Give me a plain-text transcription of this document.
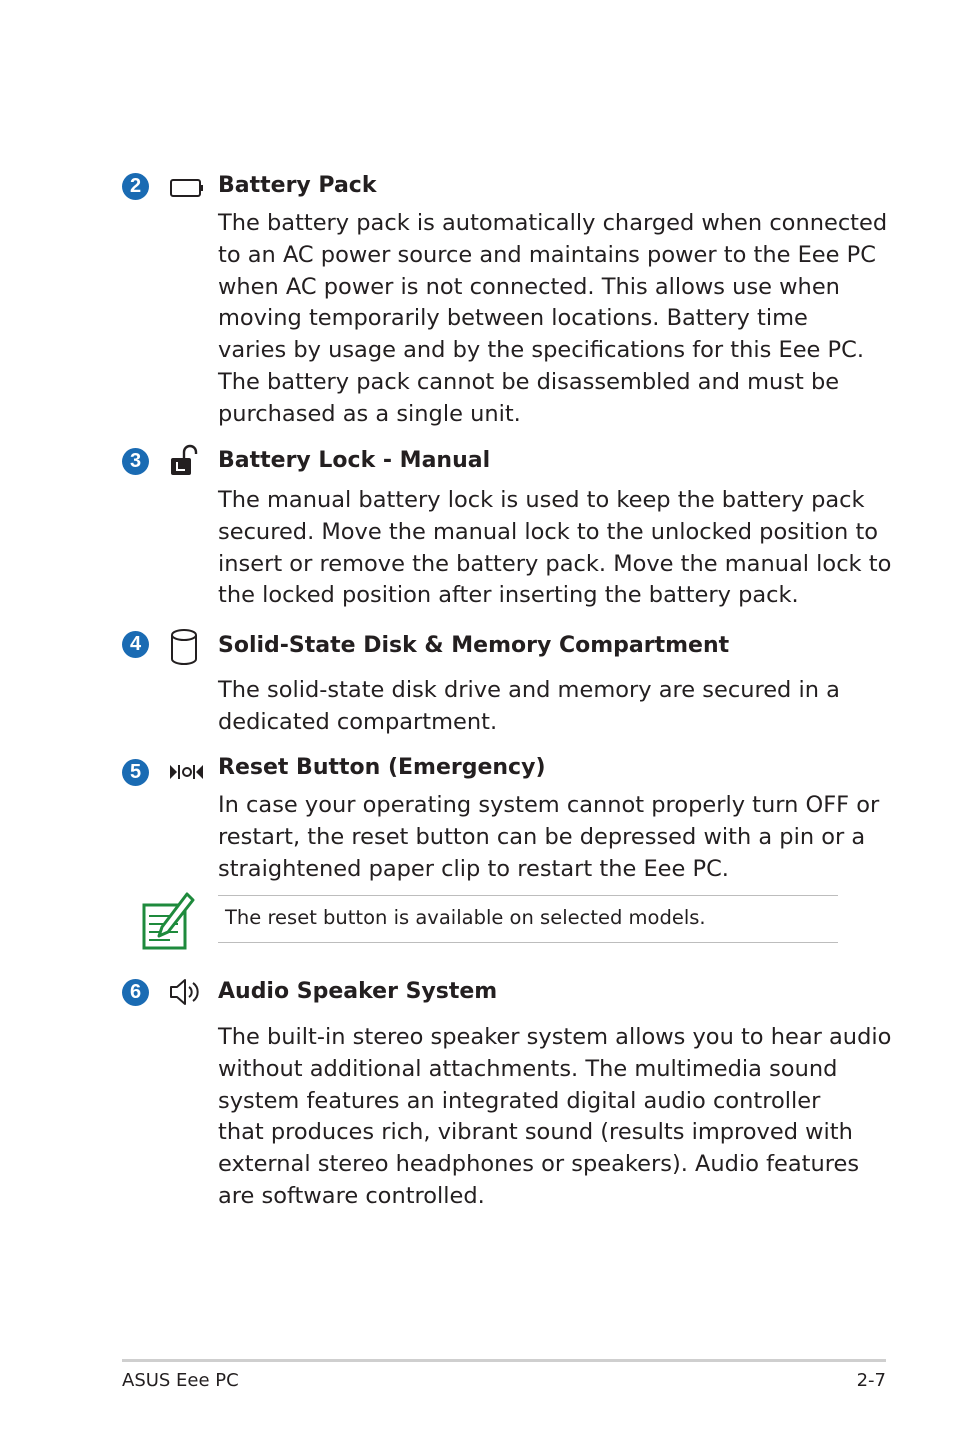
2	Battery Pack
The battery pack is automatically charged when connected
to an AC power source and maintains power to the Eee PC
when AC power is not connected. This allows use when
moving temporarily between locations. Battery time
varies by usage and by the specifications for this Eee PC.
The battery pack cannot be disassembled and must be
purchased as a single unit.
3	Battery Lock - Manual
The manual battery lock is used to keep the battery pack
secured. Move the manual lock to the unlocked position to
insert or remove the battery pack. Move the manual lock to
the locked position after inserting the battery pack.
4	Solid-State Disk & Memory Compartment
The solid-state disk drive and memory are secured in a
dedicated compartment.
5	Reset Button (Emergency)
In case your operating system cannot properly turn OFF or
restart, the reset button can be depressed with a pin or a
straightened paper clip to restart the Eee PC.
The reset button is available on selected models.
6	Audio Speaker System
The built-in stereo speaker system allows you to hear audio
without additional attachments. The multimedia sound
system features an integrated digital audio controller
that produces rich, vibrant sound (results improved with
external stereo headphones or speakers). Audio features
are software controlled.
ASUS Eee PC	2-7
